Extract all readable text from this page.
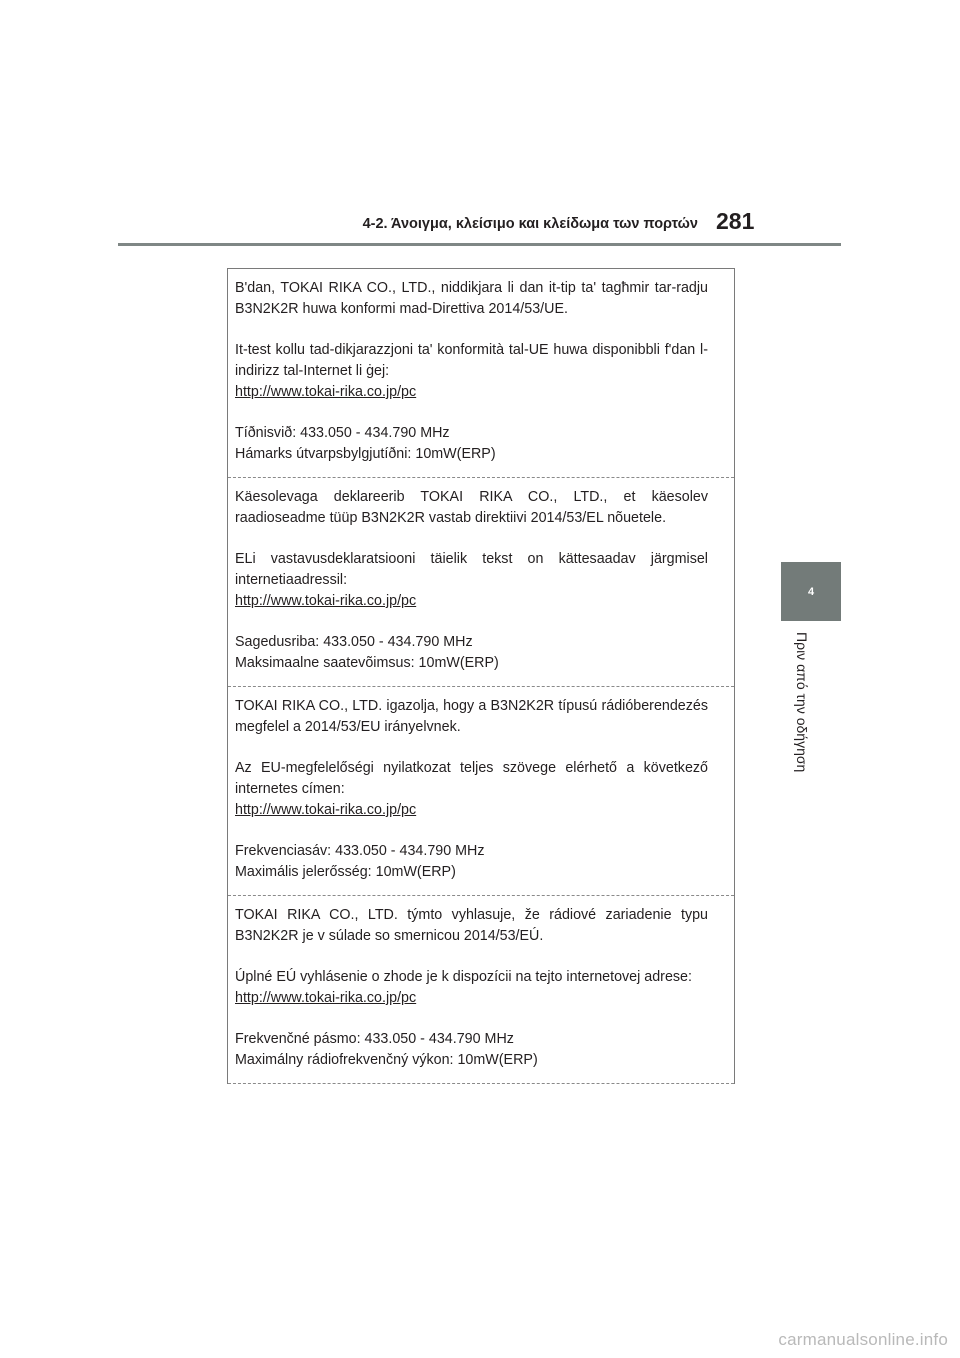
4-2. Άνοιγμα, κλείσιμο και κλείδωμα των πορτών 281
4
Πριν από την οδήγηση

B'dan, TOKAI RIKA CO., LTD., niddikjara li dan it-tip ta' tagħmir tar-radju B3N2K2R huwa konformi mad-Direttiva 2014/53/UE.

It-test kollu tad-dikjarazzjoni ta' konformità tal-UE huwa disponibbli f'dan l-indirizz tal-Internet li ġej:
http://www.tokai-rika.co.jp/pc

Tíðnisvið: 433.050 - 434.790 MHz
Hámarks útvarpsbylgjutíðni: 10mW(ERP)

Käesolevaga deklareerib TOKAI RIKA CO., LTD., et käesolev raadioseadme tüüp B3N2K2R vastab direktiivi 2014/53/EL nõuetele.

ELi vastavusdeklaratsiooni täielik tekst on kättesaadav järgmisel internetiaadressil:
http://www.tokai-rika.co.jp/pc

Sagedusriba: 433.050 - 434.790 MHz
Maksimaalne saatevõimsus: 10mW(ERP)

TOKAI RIKA CO., LTD. igazolja, hogy a B3N2K2R típusú rádióberendezés megfelel a 2014/53/EU irányelvnek.

Az EU-megfelelőségi nyilatkozat teljes szövege elérhető a következő internetes címen:
http://www.tokai-rika.co.jp/pc

Frekvenciasáv: 433.050 - 434.790 MHz
Maximális jelerősség: 10mW(ERP)

TOKAI RIKA CO., LTD. týmto vyhlasuje, že rádiové zariadenie typu B3N2K2R je v súlade so smernicou 2014/53/EÚ.

Úplné EÚ vyhlásenie o zhode je k dispozícii na tejto internetovej adrese:
http://www.tokai-rika.co.jp/pc

Frekvenčné pásmo: 433.050 - 434.790 MHz
Maximálny rádiofrekvenčný výkon: 10mW(ERP)

carmanualsonline.info
